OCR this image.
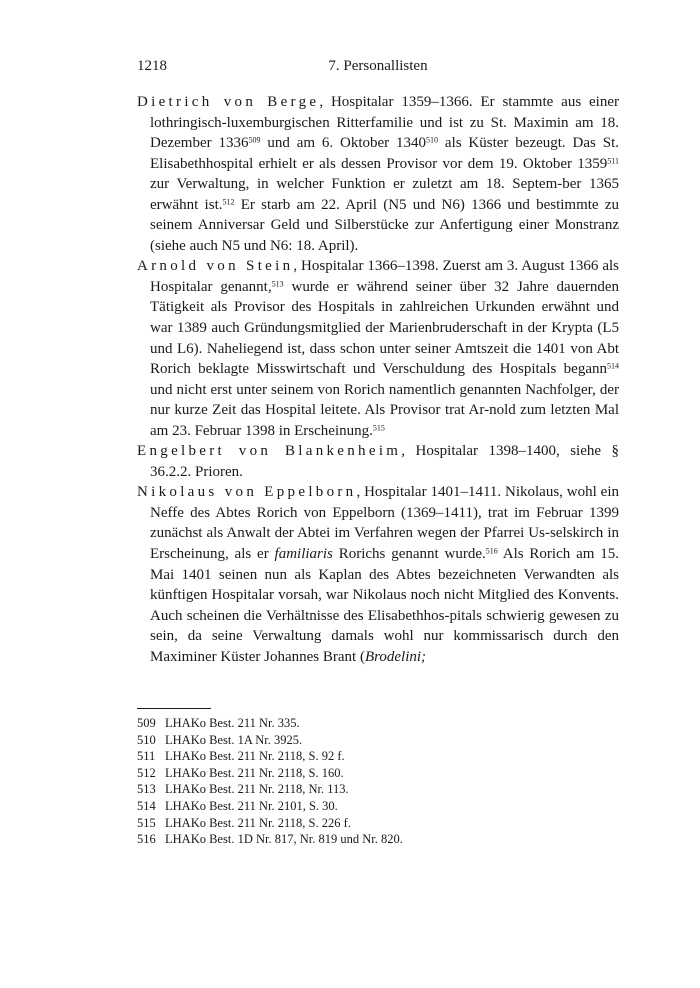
1218	7. Personallisten

Dietrich von Berge, Hospitalar 1359–1366. Er stammte aus einer lothringisch-luxemburgischen Ritterfamilie und ist zu St. Maximin am 18. Dezember 1336$^{509}$ und am 6. Oktober 1340$^{510}$ als Küster bezeugt. Das St. Elisabethhospital erhielt er als dessen Provisor vor dem 19. Oktober 1359$^{511}$ zur Verwaltung, in welcher Funktion er zuletzt am 18. Septem-ber 1365 erwähnt ist.$^{512}$ Er starb am 22. April (N5 und N6) 1366 und bestimmte zu seinem Anniversar Geld und Silberstücke zur Anfertigung einer Monstranz (siehe auch N5 und N6: 18. April).

Arnold von Stein, Hospitalar 1366–1398. Zuerst am 3. August 1366 als Hospitalar genannt,$^{513}$ wurde er während seiner über 32 Jahre dauernden Tätigkeit als Provisor des Hospitals in zahlreichen Urkunden erwähnt und war 1389 auch Gründungsmitglied der Marienbruderschaft in der Krypta (L5 und L6). Naheliegend ist, dass schon unter seiner Amtszeit die 1401 von Abt Rorich beklagte Misswirtschaft und Verschuldung des Hospitals begann$^{514}$ und nicht erst unter seinem von Rorich namentlich genannten Nachfolger, der nur kurze Zeit das Hospital leitete. Als Provisor trat Ar-nold zum letzten Mal am 23. Februar 1398 in Erscheinung.$^{515}$

Engelbert von Blankenheim, Hospitalar 1398–1400, siehe § 36.2.2. Prioren.

Nikolaus von Eppelborn, Hospitalar 1401–1411. Nikolaus, wohl ein Neffe des Abtes Rorich von Eppelborn (1369–1411), trat im Februar 1399 zunächst als Anwalt der Abtei im Verfahren wegen der Pfarrei Us-selskirch in Erscheinung, als er familiaris Rorichs genannt wurde.$^{516}$ Als Rorich am 15. Mai 1401 seinen nun als Kaplan des Abtes bezeichneten Verwandten als künftigen Hospitalar vorsah, war Nikolaus noch nicht Mitglied des Konvents. Auch scheinen die Verhältnisse des Elisabethhos-pitals schwierig gewesen zu sein, da seine Verwaltung damals wohl nur kommissarisch durch den Maximiner Küster Johannes Brant (Brodelini;

509 LHAKo Best. 211 Nr. 335.
510 LHAKo Best. 1A Nr. 3925.
511 LHAKo Best. 211 Nr. 2118, S. 92 f.
512 LHAKo Best. 211 Nr. 2118, S. 160.
513 LHAKo Best. 211 Nr. 2118, Nr. 113.
514 LHAKo Best. 211 Nr. 2101, S. 30.
515 LHAKo Best. 211 Nr. 2118, S. 226 f.
516 LHAKo Best. 1D Nr. 817, Nr. 819 und Nr. 820.
